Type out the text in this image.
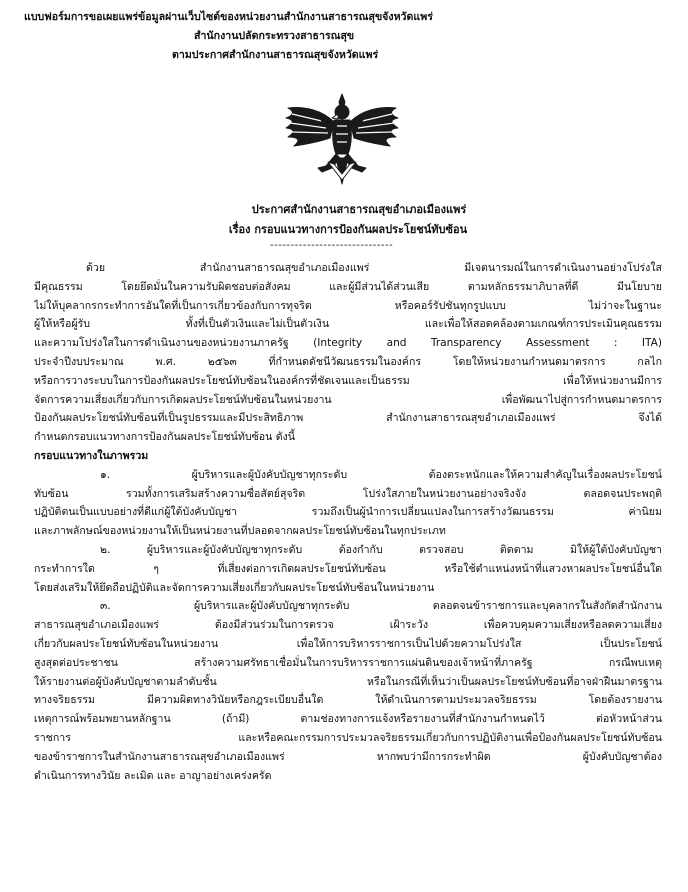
แบบฟอร์มการขอเผยแพร่ข้อมูลผ่านเว็บไซต์ของหน่วยงานสำนักงานสาธารณสุขจังหวัดแพร่
สำนักงานปลัดกระทรวงสาธารณสุข
ตามประกาศสำนักงานสาธารณสุขจังหวัดแพร่
ประกาศสำนักงานสาธารณสุขอำเภอเมืองแพร่
เรื่อง กรอบแนวทางการป้องกันผลประโยชน์ทับซ้อน
------------------------------

ด้วย สำนักงานสาธารณสุขอำเภอเมืองแพร่ มีเจตนารมณ์ในการดำเนินงานอย่างโปร่งใส

มีคุณธรรม โดยยึดมั่นในความรับผิดชอบต่อสังคม และผู้มีส่วนได้ส่วนเสีย ตามหลักธรรมาภิบาลที่ดี มีนโยบาย

ไม่ให้บุคลากรกระทำการอันใดที่เป็นการเกี่ยวข้องกับการทุจริต หรือคอร์รัปชันทุกรูปแบบ ไม่ว่าจะในฐานะ

ผู้ให้หรือผู้รับ ทั้งที่เป็นตัวเงินและไม่เป็นตัวเงิน และเพื่อให้สอดคล้องตามเกณฑ์การประเมินคุณธรรม

และความโปร่งใสในการดำเนินงานของหน่วยงานภาครัฐ (Integrity and Transparency Assessment : ITA)

ประจำปีงบประมาณ พ.ศ. ๒๕๖๓ ที่กำหนดดัชนีวัฒนธรรมในองค์กร โดยให้หน่วยงานกำหนดมาตรการ กลไก

หรือการวางระบบในการป้องกันผลประโยชน์ทับซ้อนในองค์กรที่ชัดเจนและเป็นธรรม เพื่อให้หน่วยงานมีการ

จัดการความเสี่ยงเกี่ยวกับการเกิดผลประโยชน์ทับซ้อนในหน่วยงาน เพื่อพัฒนาไปสู่การกำหนดมาตรการ

ป้องกันผลประโยชน์ทับซ้อนที่เป็นรูปธรรมและมีประสิทธิภาพ สำนักงานสาธารณสุขอำเภอเมืองแพร่ จึงได้

กำหนดกรอบแนวทางการป้องกันผลประโยชน์ทับซ้อน ดังนี้

กรอบแนวทางในภาพรวม

๑. ผู้บริหารและผู้บังคับบัญชาทุกระดับ ต้องตระหนักและให้ความสำคัญในเรื่องผลประโยชน์

ทับซ้อน รวมทั้งการเสริมสร้างความซื่อสัตย์สุจริต โปร่งใสภายในหน่วยงานอย่างจริงจัง ตลอดจนประพฤติ

ปฏิบัติตนเป็นแบบอย่างที่ดีแก่ผู้ใต้บังคับบัญชา รวมถึงเป็นผู้นำการเปลี่ยนแปลงในการสร้างวัฒนธรรม ค่านิยม

และภาพลักษณ์ของหน่วยงานให้เป็นหน่วยงานที่ปลอดจากผลประโยชน์ทับซ้อนในทุกประเภท

๒. ผู้บริหารและผู้บังคับบัญชาทุกระดับ ต้องกำกับ ตรวจสอบ ติดตาม มิให้ผู้ใต้บังคับบัญชา

กระทำการใด ๆ ที่เสี่ยงต่อการเกิดผลประโยชน์ทับซ้อน หรือใช้ตำแหน่งหน้าที่แสวงหาผลประโยชน์อื่นใด

โดยส่งเสริมให้ยึดถือปฏิบัติและจัดการความเสี่ยงเกี่ยวกับผลประโยชน์ทับซ้อนในหน่วยงาน

๓. ผู้บริหารและผู้บังคับบัญชาทุกระดับ ตลอดจนข้าราชการและบุคลากรในสังกัดสำนักงาน

สาธารณสุขอำเภอเมืองแพร่ ต้องมีส่วนร่วมในการตรวจ เฝ้าระวัง เพื่อควบคุมความเสี่ยงหรือลดความเสี่ยง

เกี่ยวกับผลประโยชน์ทับซ้อนในหน่วยงาน เพื่อให้การบริหารราชการเป็นไปด้วยความโปร่งใส เป็นประโยชน์

สูงสุดต่อประชาชน สร้างความศรัทธาเชื่อมั่นในการบริหารราชการแผ่นดินของเจ้าหน้าที่ภาครัฐ กรณีพบเหตุ

ให้รายงานต่อผู้บังคับบัญชาตามลำดับชั้น หรือในกรณีที่เห็นว่าเป็นผลประโยชน์ทับซ้อนที่อาจฝ่าฝืนมาตรฐาน

ทางจริยธรรม มีความผิดทางวินัยหรือกฎระเบียบอื่นใด ให้ดำเนินการตามประมวลจริยธรรม โดยต้องรายงาน

เหตุการณ์พร้อมพยานหลักฐาน (ถ้ามี) ตามช่องทางการแจ้งหรือรายงานที่สำนักงานกำหนดไว้ ต่อหัวหน้าส่วน

ราชการ และหรือคณะกรรมการประมวลจริยธรรมเกี่ยวกับการปฏิบัติงานเพื่อป้องกันผลประโยชน์ทับซ้อน

ของข้าราชการในสำนักงานสาธารณสุขอำเภอเมืองแพร่ หากพบว่ามีการกระทำผิด ผู้บังคับบัญชาต้อง

ดำเนินการทางวินัย ละเมิด และ อาญาอย่างเคร่งครัด
